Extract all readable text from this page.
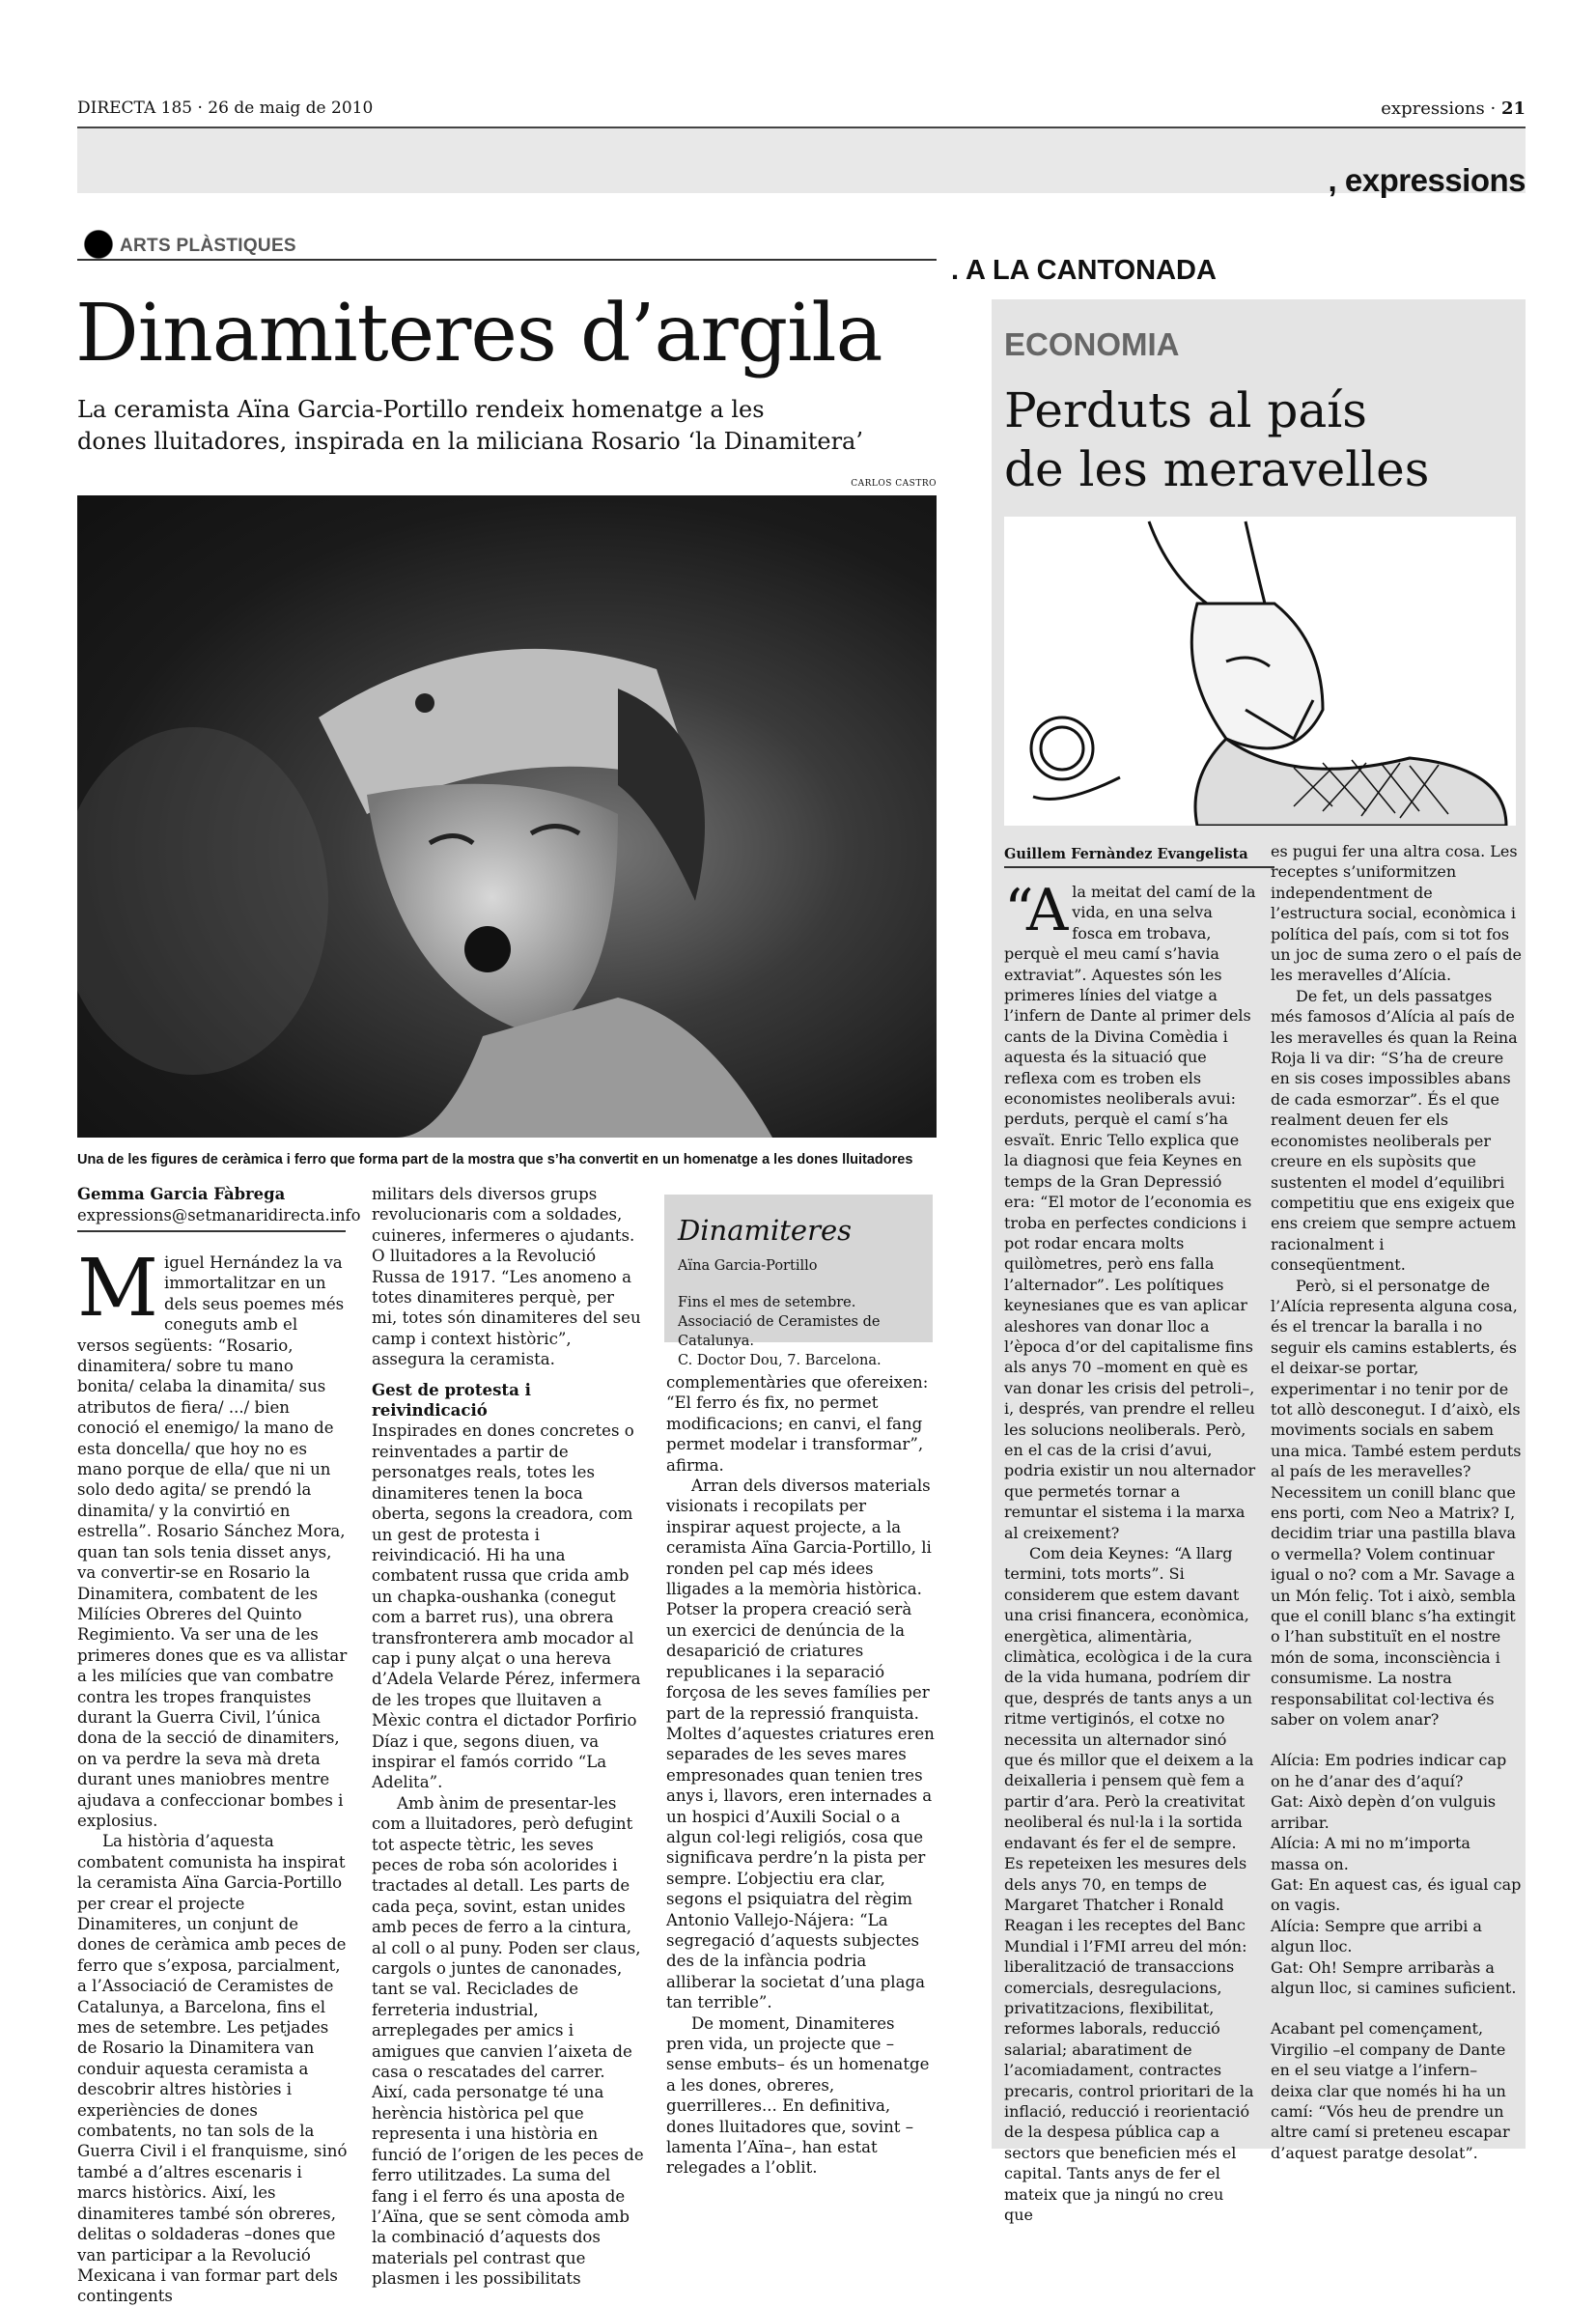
DIRECTA 185 · 26 de maig de 2010	expressions · 21
, expressions
ARTS PLÀSTIQUES
Dinamiteres d’argila
La ceramista Aïna Garcia-Portillo rendeix homenatge a les
dones lluitadores, inspirada en la miliciana Rosario ‘la Dinamitera’
CARLOS CASTRO
Una de les figures de ceràmica i ferro que forma part de la mostra que s’ha convertit en un homenatge a les dones lluitadores
Gemma Garcia Fàbrega
expressions@setmanaridirecta.info

Miguel Hernández la va immortalitzar en un dels seus poemes més coneguts amb el versos següents: “Rosario, dinamitera/ sobre tu mano bonita/ celaba la dinamita/ sus atributos de fiera/ .../ bien conoció el enemigo/ la mano de esta doncella/ que hoy no es mano porque de ella/ que ni un solo dedo agita/ se prendó la dinamita/ y la convirtió en estrella”. Rosario Sánchez Mora, quan tan sols tenia disset anys, va convertir-se en Rosario la Dinamitera, combatent de les Milícies Obreres del Quinto Regimiento. Va ser una de les primeres dones que es va allistar a les milícies que van combatre contra les tropes franquistes durant la Guerra Civil, l’única dona de la secció de dinamiters, on va perdre la seva mà dreta durant unes maniobres mentre ajudava a confeccionar bombes i explosius.

La història d’aquesta combatent comunista ha inspirat la ceramista Aïna Garcia-Portillo per crear el projecte Dinamiteres, un conjunt de dones de ceràmica amb peces de ferro que s’exposa, parcialment, a l’Associació de Ceramistes de Catalunya, a Barcelona, fins el mes de setembre. Les petjades de Rosario la Dinamitera van conduir aquesta ceramista a descobrir altres històries i experiències de dones combatents, no tan sols de la Guerra Civil i el franquisme, sinó també a d’altres escenaris i marcs històrics. Així, les dinamiteres també són obreres, delitas o soldaderas –dones que van participar a la Revolució Mexicana i van formar part dels contingents

militars dels diversos grups revolucionaris com a soldades, cuineres, infermeres o ajudants. O lluitadores a la Revolució Russa de 1917. “Les anomeno a totes dinamiteres perquè, per mi, totes són dinamiteres del seu camp i context històric”, assegura la ceramista.

Gest de protesta i reivindicació

Inspirades en dones concretes o reinventades a partir de personatges reals, totes les dinamiteres tenen la boca oberta, segons la creadora, com un gest de protesta i reivindicació. Hi ha una combatent russa que crida amb un chapka-oushanka (conegut com a barret rus), una obrera transfronterera amb mocador al cap i puny alçat o una hereva d’Adela Velarde Pérez, infermera de les tropes que lluitaven a Mèxic contra el dictador Porfirio Díaz i que, segons diuen, va inspirar el famós corrido “La Adelita”.

Amb ànim de presentar-les com a lluitadores, però defugint tot aspecte tètric, les seves peces de roba són acolorides i tractades al detall. Les parts de cada peça, sovint, estan unides amb peces de ferro a la cintura, al coll o al puny. Poden ser claus, cargols o juntes de canonades, tant se val. Reciclades de ferreteria industrial, arreplegades per amics i amigues que canvien l’aixeta de casa o rescatades del carrer. Així, cada personatge té una herència històrica pel que representa i una història en funció de l’origen de les peces de ferro utilitzades. La suma del fang i el ferro és una aposta de l’Aïna, que se sent còmoda amb la combinació d’aquests dos materials pel contrast que plasmen i les possibilitats

Dinamiteres
Aïna Garcia-Portillo
Fins el mes de setembre.
Associació de Ceramistes de Catalunya.
C. Doctor Dou, 7. Barcelona.

complementàries que ofereixen: “El ferro és fix, no permet modificacions; en canvi, el fang permet modelar i transformar”, afirma.

Arran dels diversos materials visionats i recopilats per inspirar aquest projecte, a la ceramista Aïna Garcia-Portillo, li ronden pel cap més idees lligades a la memòria històrica. Potser la propera creació serà un exercici de denúncia de la desaparició de criatures republicanes i la separació forçosa de les seves famílies per part de la repressió franquista. Moltes d’aquestes criatures eren separades de les seves mares empresonades quan tenien tres anys i, llavors, eren internades a un hospici d’Auxili Social o a algun col·legi religiós, cosa que significava perdre’n la pista per sempre. L’objectiu era clar, segons el psiquiatra del règim Antonio Vallejo-Nájera: “La segregació d’aquests subjectes des de la infància podria alliberar la societat d’una plaga tan terrible”.

De moment, Dinamiteres pren vida, un projecte que –sense embuts– és un homenatge a les dones, obreres, guerrilleres... En definitiva, dones lluitadores que, sovint –lamenta l’Aïna–, han estat relegades a l’oblit.

. A LA CANTONADA
ECONOMIA
Perduts al país
de les meravelles
Guillem Fernàndez Evangelista

“Ala meitat del camí de la vida, en una selva fosca em trobava, perquè el meu camí s’havia extraviat”. Aquestes són les primeres línies del viatge a l’infern de Dante al primer dels cants de la Divina Comèdia i aquesta és la situació que reflexa com es troben els economistes neoliberals avui: perduts, perquè el camí s’ha esvaït. Enric Tello explica que la diagnosi que feia Keynes en temps de la Gran Depressió era: “El motor de l’economia es troba en perfectes condicions i pot rodar encara molts quilòmetres, però ens falla l’alternador”. Les polítiques keynesianes que es van aplicar aleshores van donar lloc a l’època d’or del capitalisme fins als anys 70 –moment en què es van donar les crisis del petroli–, i, després, van prendre el relleu les solucions neoliberals. Però, en el cas de la crisi d’avui, podria existir un nou alternador que permetés tornar a remuntar el sistema i la marxa al creixement?

Com deia Keynes: “A llarg termini, tots morts”. Si considerem que estem davant una crisi financera, econòmica, energètica, alimentària, climàtica, ecològica i de la cura de la vida humana, podríem dir que, després de tants anys a un ritme vertiginós, el cotxe no necessita un alternador sinó que és millor que el deixem a la deixalleria i pensem què fem a partir d’ara. Però la creativitat neoliberal és nul·la i la sortida endavant és fer el de sempre. Es repeteixen les mesures dels dels anys 70, en temps de Margaret Thatcher i Ronald Reagan i les receptes del Banc Mundial i l’FMI arreu del món: liberalització de transaccions comercials, desregulacions, privatitzacions, flexibilitat, reformes laborals, reducció salarial; abaratiment de l’acomiadament, contractes precaris, control prioritari de la inflació, reducció i reorientació de la despesa pública cap a sectors que beneficien més el capital. Tants anys de fer el mateix que ja ningú no creu que

es pugui fer una altra cosa. Les receptes s’uniformitzen independentment de l’estructura social, econòmica i política del país, com si tot fos un joc de suma zero o el país de les meravelles d’Alícia.

De fet, un dels passatges més famosos d’Alícia al país de les meravelles és quan la Reina Roja li va dir: “S’ha de creure en sis coses impossibles abans de cada esmorzar”. És el que realment deuen fer els economistes neoliberals per creure en els supòsits que sustenten el model d’equilibri competitiu que ens exigeix que ens creiem que sempre actuem racionalment i conseqüentment.

Però, si el personatge de l’Alícia representa alguna cosa, és el trencar la baralla i no seguir els camins establerts, és el deixar-se portar, experimentar i no tenir por de tot allò desconegut. I d’això, els moviments socials en sabem una mica. També estem perduts al país de les meravelles? Necessitem un conill blanc que ens porti, com Neo a Matrix? I, decidim triar una pastilla blava o vermella? Volem continuar igual o no? com a Mr. Savage a un Món feliç. Tot i això, sembla que el conill blanc s’ha extingit o l’han substituït en el nostre món de soma, inconsciència i consumisme. La nostra responsabilitat col·lectiva és saber on volem anar?

Alícia: Em podries indicar cap on he d’anar des d’aquí?

Gat: Això depèn d’on vulguis arribar.

Alícia: A mi no m’importa massa on.

Gat: En aquest cas, és igual cap on vagis.

Alícia: Sempre que arribi a algun lloc.

Gat: Oh! Sempre arribaràs a algun lloc, si camines suficient.

Acabant pel començament, Virgilio –el company de Dante en el seu viatge a l’infern– deixa clar que només hi ha un camí: “Vós heu de prendre un altre camí si preteneu escapar d’aquest paratge desolat”.
